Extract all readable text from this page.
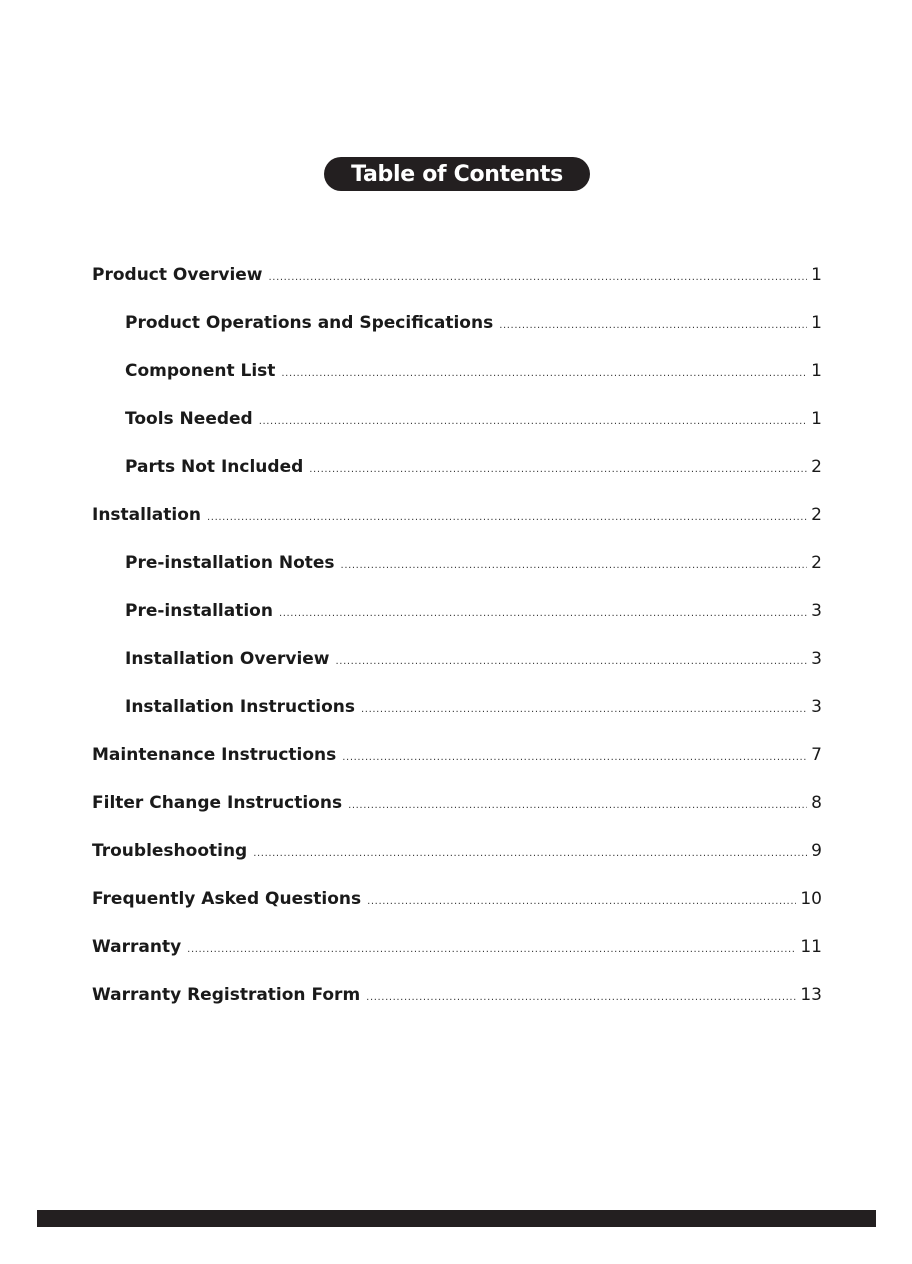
Table of Contents
Product Overview .....	1
Product Operations and Specifications .....	1
Component List .....	1
Tools Needed .....	1
Parts Not Included .....	2
Installation .....	2
Pre-installation Notes .....	2
Pre-installation .....	3
Installation Overview .....	3
Installation Instructions .....	3
Maintenance Instructions .....	7
Filter Change Instructions .....	8
Troubleshooting .....	9
Frequently Asked Questions .....	10
Warranty .....	11
Warranty Registration Form .....	13
